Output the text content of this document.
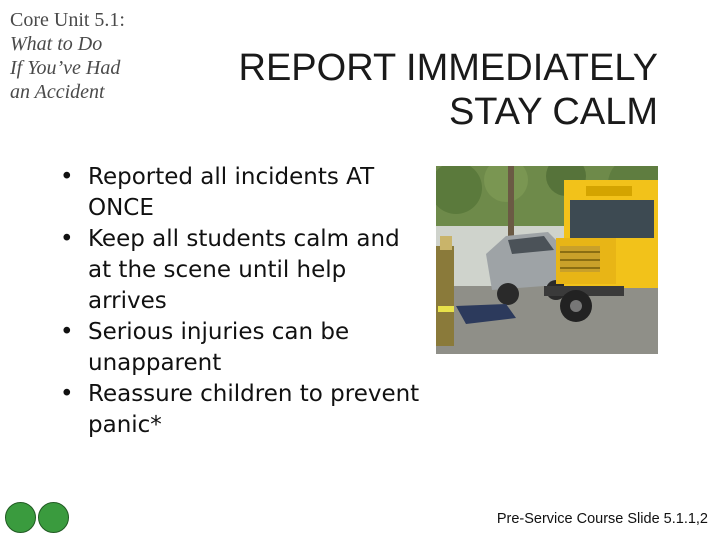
Core Unit 5.1:
What to Do
If You’ve Had
an Accident
REPORT IMMEDIATELY
STAY CALM
• Reported all incidents AT ONCE
• Keep all students calm and at the scene until help arrives
• Serious injuries can be unapparent
• Reassure children to prevent panic*
Pre-Service Course Slide 5.1.1,2
